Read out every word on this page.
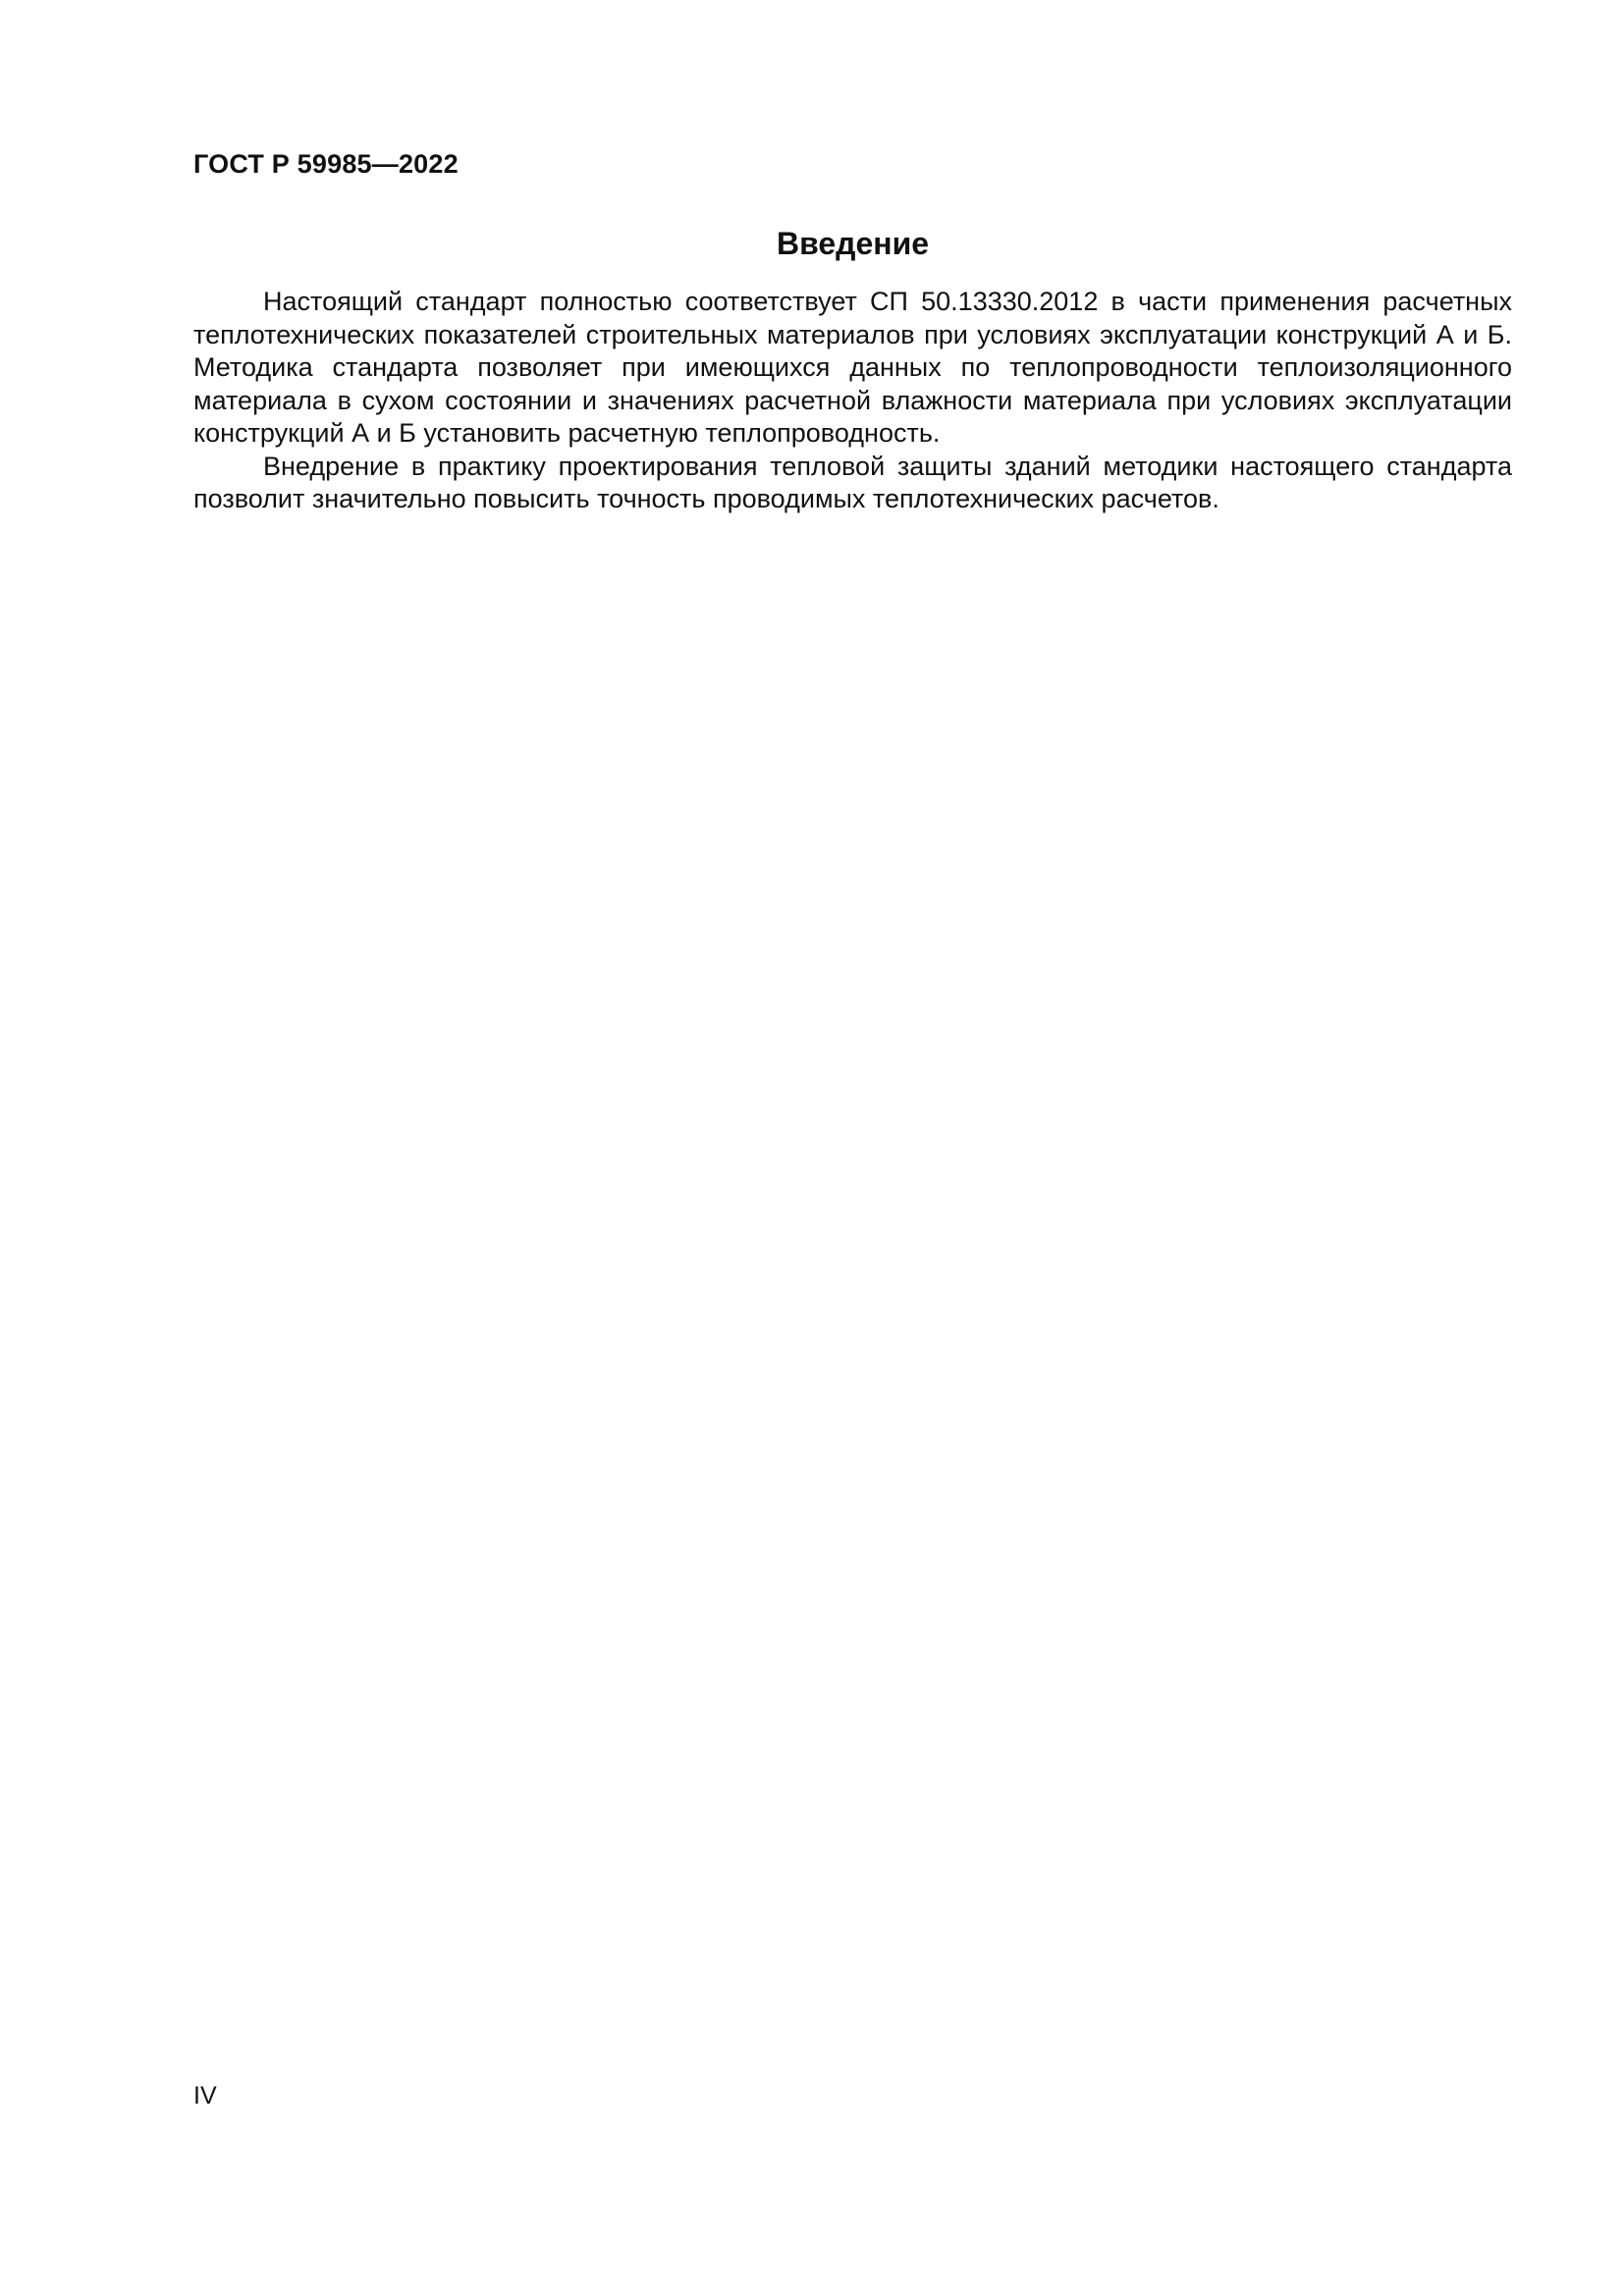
ГОСТ Р 59985—2022
Введение

Настоящий стандарт полностью соответствует СП 50.13330.2012 в части применения расчетных теплотехнических показателей строительных материалов при условиях эксплуатации конструкций А и Б. Методика стандарта позволяет при имеющихся данных по теплопроводности теплоизоляционного материала в сухом состоянии и значениях расчетной влажности материала при условиях эксплуатации конструкций А и Б установить расчетную теплопроводность.

Внедрение в практику проектирования тепловой защиты зданий методики настоящего стандарта позволит значительно повысить точность проводимых теплотехнических расчетов.

IV
